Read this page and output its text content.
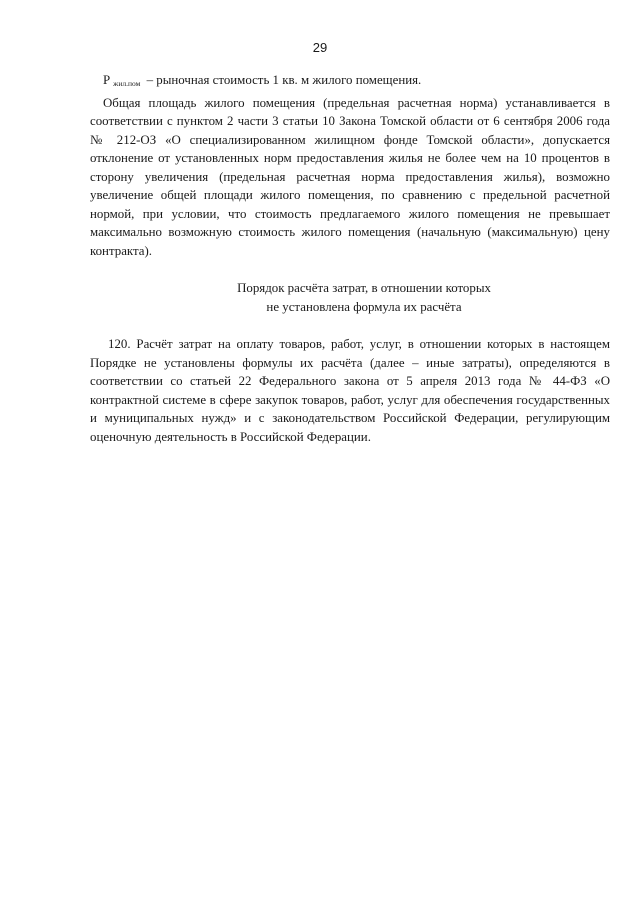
29

Pжил.пом – рыночная стоимость 1 кв. м жилого помещения.

Общая площадь жилого помещения (предельная расчетная норма) устанавливается в соответствии с пунктом 2 части 3 статьи 10 Закона Томской области от 6 сентября 2006 года № 212-ОЗ «О специализированном жилищном фонде Томской области», допускается отклонение от установленных норм предоставления жилья не более чем на 10 процентов в сторону увеличения (предельная расчетная норма предоставления жилья), возможно увеличение общей площади жилого помещения, по сравнению с предельной расчетной нормой, при условии, что стоимость предлагаемого жилого помещения не превышает максимально возможную стоимость жилого помещения (начальную (максимальную) цену контракта).

Порядок расчёта затрат, в отношении которых
не установлена формула их расчёта

120. Расчёт затрат на оплату товаров, работ, услуг, в отношении которых в настоящем Порядке не установлены формулы их расчёта (далее – иные затраты), определяются в соответствии со статьей 22 Федерального закона от 5 апреля 2013 года № 44-ФЗ «О контрактной системе в сфере закупок товаров, работ, услуг для обеспечения государственных и муниципальных нужд» и с законодательством Российской Федерации, регулирующим оценочную деятельность в Российской Федерации.
